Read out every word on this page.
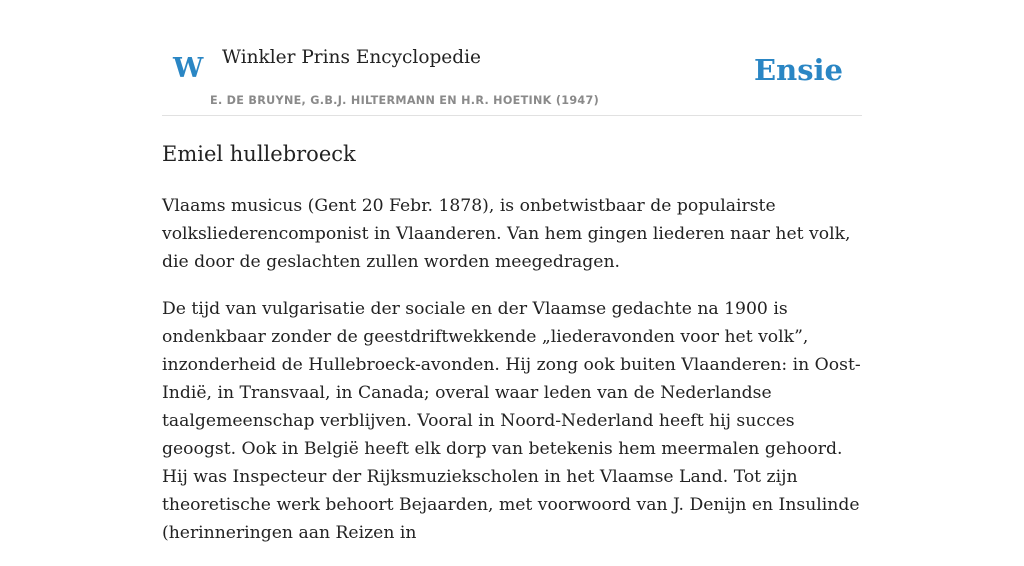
W Winkler Prins Encyclopedie
E. DE BRUYNE, G.B.J. HILTERMANN EN H.R. HOETINK (1947)
Ensie
Emiel hullebroeck

Vlaams musicus (Gent 20 Febr. 1878), is onbetwistbaar de populairste volksliederencomponist in Vlaanderen. Van hem gingen liederen naar het volk, die door de geslachten zullen worden meegedragen.

De tijd van vulgarisatie der sociale en der Vlaamse gedachte na 1900 is ondenkbaar zonder de geestdriftwekkende „liederavonden voor het volk”, inzonderheid de Hullebroeck-avonden. Hij zong ook buiten Vlaanderen: in Oost-Indië, in Transvaal, in Canada; overal waar leden van de Nederlandse taalgemeenschap verblijven. Vooral in Noord-Nederland heeft hij succes geoogst. Ook in België heeft elk dorp van betekenis hem meermalen gehoord. Hij was Inspecteur der Rijksmuziekscholen in het Vlaamse Land. Tot zijn theoretische werk behoort Bejaarden, met voorwoord van J. Denijn en Insulinde (herinneringen aan Reizen in
